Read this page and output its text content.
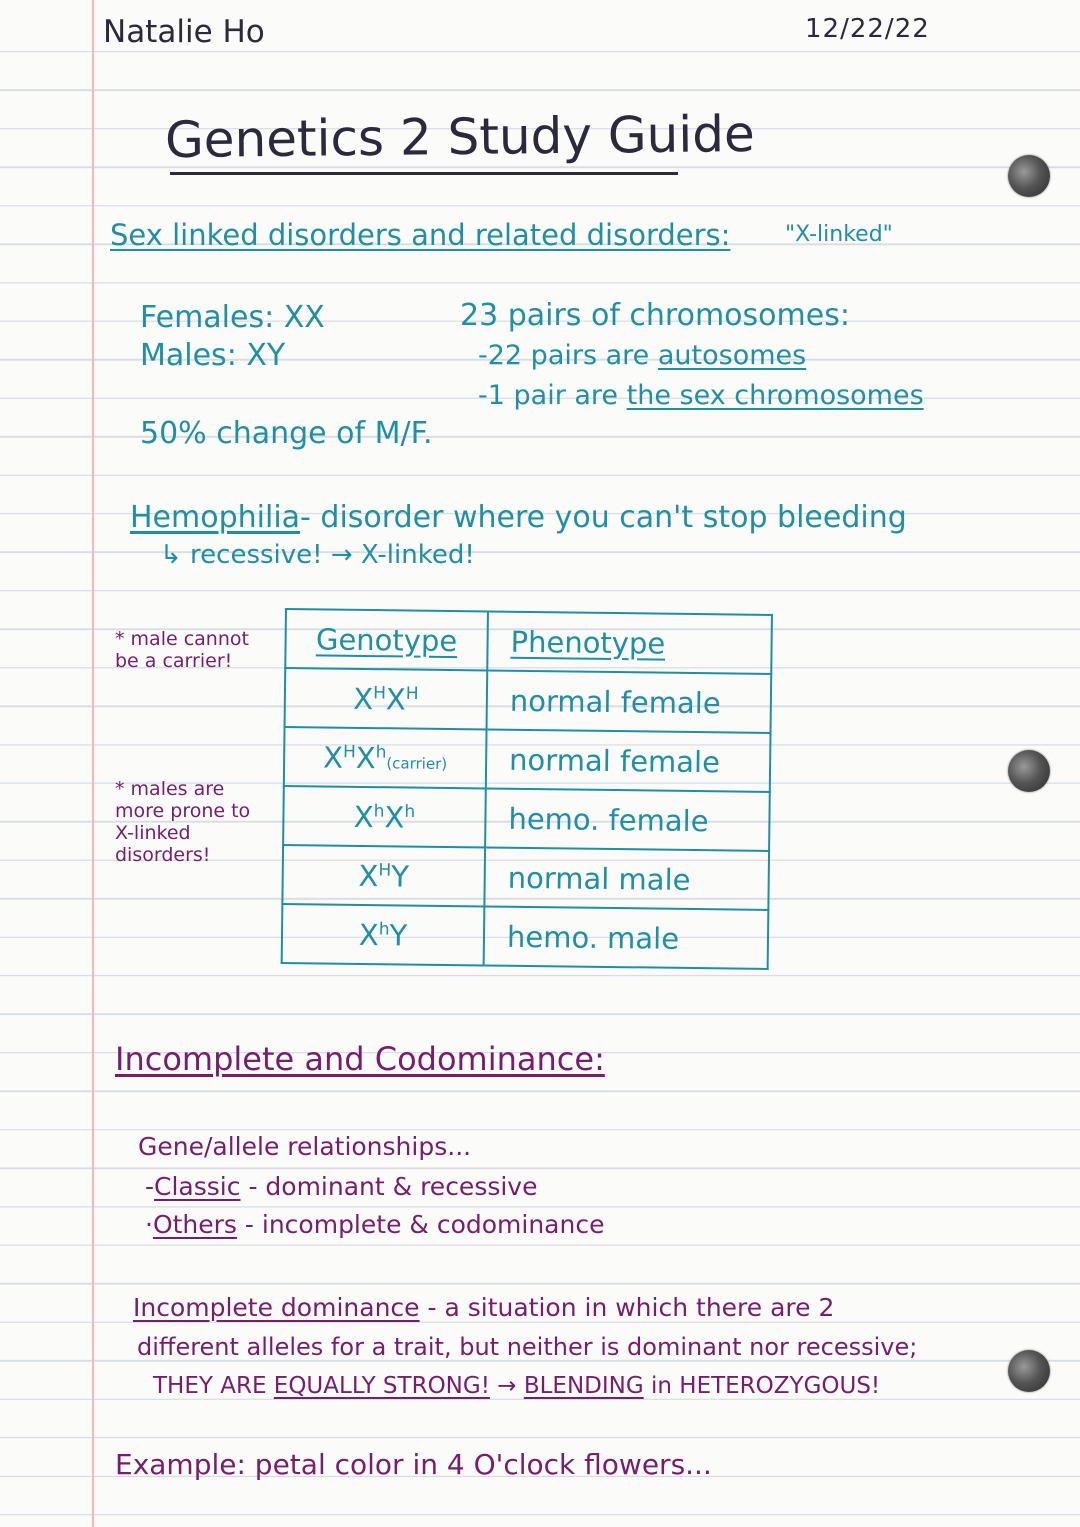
Natalie Ho	12/22/22
Genetics 2 Study Guide
Sex linked disorders and related disorders: "X-linked"
Females: XX
Males: XY
23 pairs of chromosomes:
-22 pairs are autosomes
-1 pair are the sex chromosomes
50% change of M/F.
Hemophilia- disorder where you can't stop bleeding
↳ recessive! → X-linked!
* male cannot be a carrier!
* males are more prone to X-linked disorders!
Genotype	Phenotype
$X^HX^H$	normal female
$X^HX^h(carrier)$	normal female
$X^hX^h$	hemo. female
$X^HY$	normal male
$X^hY$	hemo. male
Incomplete and Codominance:
Gene/allele relationships...
-Classic - dominant & recessive
·Others - incomplete & codominance
Incomplete dominance - a situation in which there are 2
different alleles for a trait, but neither is dominant nor recessive;
THEY ARE EQUALLY STRONG! → BLENDING in HETEROZYGOUS!
Example: petal color in 4 O'clock flowers...
